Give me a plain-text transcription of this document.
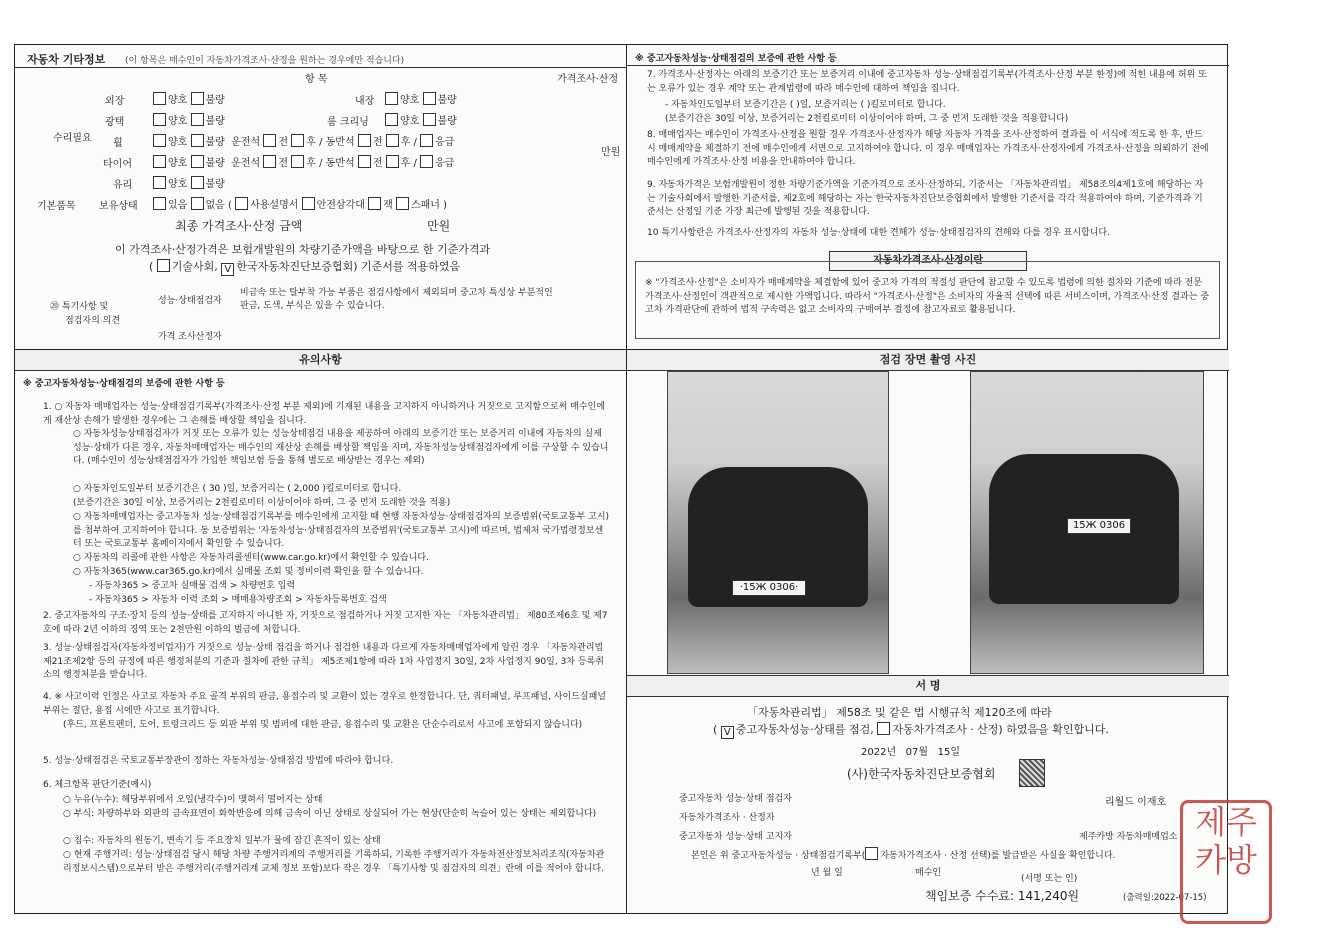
자동차 기타정보 (이 항목은 매수인이 자동차가격조사·산정을 원하는 경우에만 적습니다)
항 목	가격조사·산정
수리필요
외장	양호 불량	내장	양호 불량
광택	양호 불량	룸 크리닝	양호 불량
휠	양호 불량 운전석 전 후 / 동반석 전 후 / 응급
타이어	양호 불량 운전석 전 후 / 동반석 전 후 / 응급
만원
유리	양호 불량
기본품목 보유상태	있음 없음 ( 사용설명서 안전삼각대 잭 스패너 )
최종 가격조사·산정 금액	만원
이 가격조사·산정가격은 보험개발원의 차량기준가액을 바탕으로 한 기준가격과
( 기술사회, V 한국자동차진단보증협회) 기준서를 적용하였음
⑳ 특기사항 및
점검자의 의견
성능·상태점검자
비금속 또는 탈부착 가능 부품은 점검사항에서 제외되며 중고차 특성상 부분적인
판금, 도색, 부식은 있을 수 있습니다.
가격 조사산정자
※ 중고자동차성능·상태점검의 보증에 관한 사항 등
7. 가격조사·산정자는 아래의 보증기간 또는 보증거리 이내에 중고자동차 성능·상태점검기록부(가격조사·산정 부분 한정)에 적힌 내용에 허위 또는 오류가 있는 경우 계약 또는 관계법령에 따라 매수인에 대하여 책임을 집니다.
- 자동차인도일부터 보증기간은 ( )일, 보증거리는 ( )킬로미터로 합니다.
(보증기간은 30일 이상, 보증거리는 2천킬로미터 이상이어야 하며, 그 중 먼저 도래한 것을 적용합니다)
8. 매매업자는 매수인이 가격조사·산정을 원할 경우 가격조사·산정자가 해당 자동차 가격을 조사·산정하여 결과를 이 서식에 적도록 한 후, 반드시 매매계약을 체결하기 전에 매수인에게 서면으로 고지하여야 합니다. 이 경우 매매업자는 가격조사·산정자에게 가격조사·산정을 의뢰하기 전에 매수인에게 가격조사·산정 비용을 안내하여야 합니다.
9. 자동차가격은 보험개발원이 정한 차량기준가액을 기준가격으로 조사·산정하되, 기준서는 「자동차관리법」 제58조의4제1호에 해당하는 자는 기술사회에서 발행한 기준서를, 제2호에 해당하는 자는 한국자동차진단보증협회에서 발행한 기준서를 각각 적용하여야 하며, 기준가격과 기준서는 산정일 기준 가장 최근에 발행된 것을 적용합니다.
10 특기사항란은 가격조사·산정자의 자동차 성능·상태에 대한 견해가 성능·상태점검자의 견해와 다를 경우 표시합니다.
자동차가격조사·산정이란
※ "가격조사·산정"은 소비자가 매매계약을 체결함에 있어 중고차 가격의 적절성 판단에 참고할 수 있도록 법령에 의한 절차와 기준에 따라 전문 가격조사·산정인이 객관적으로 제시한 가액입니다. 따라서 "가격조사·산정"은 소비자의 자율적 선택에 따른 서비스이며, 가격조사·산정 결과는 중고차 가격판단에 관하여 법적 구속력은 없고 소비자의 구매여부 결정에 참고자료로 활용됩니다.
유의사항
※ 중고자동차성능·상태점검의 보증에 관한 사항 등
1. ○ 자동차 매매업자는 성능·상태점검기록부(가격조사·산정 부분 제외)에 기재된 내용을 고지하지 아니하거나 거짓으로 고지함으로써 매수인에게 재산상 손해가 발생한 경우에는 그 손해를 배상할 책임을 집니다.
○ 자동차성능상태점검자가 거짓 또는 오류가 있는 성능상태점검 내용을 제공하여 아래의 보증기간 또는 보증거리 이내에 자동차의 실제 성능·상태가 다른 경우, 자동차매매업자는 매수인의 재산상 손해를 배상할 책임을 지며, 자동차성능상태점검자에게 이를 구상할 수 있습니다. (매수인이 성능상태점검자가 가입한 책임보험 등을 통해 별도로 배상받는 경우는 제외)
○ 자동차인도일부터 보증기간은 ( 30 )일, 보증거리는 ( 2,000 )킬로미터로 합니다.
(보증기간은 30일 이상, 보증거리는 2천킬로미터 이상이어야 하며, 그 중 먼저 도래한 것을 적용)
○ 자동차매매업자는 중고자동차 성능·상태점검기록부를 매수인에게 고지할 때 현행 자동차성능·상태점검자의 보증범위(국토교통부 고시)를 첨부하여 고지하여야 합니다. 동 보증범위는 '자동차성능·상태점검자의 보증범위'(국토교통부 고시)에 따르며, 법제처 국가법령정보센터 또는 국토교통부 홈페이지에서 확인할 수 있습니다.
○ 자동차의 리콜에 관한 사항은 자동차리콜센터(www.car.go.kr)에서 확인할 수 있습니다.
○ 자동차365(www.car365.go.kr)에서 실매물 조회 및 정비이력 확인을 할 수 있습니다.
- 자동차365 > 중고차 실매물 검색 > 차량번호 입력
- 자동차365 > 자동차 이력 조회 > 매매용차량조회 > 자동차등록번호 검색
2. 중고자동차의 구조·장치 등의 성능·상태를 고지하지 아니한 자, 거짓으로 점검하거나 거짓 고지한 자는 「자동차관리법」 제80조제6호 및 제7호에 따라 2년 이하의 징역 또는 2천만원 이하의 벌금에 처합니다.
3. 성능·상태점검자(자동차정비업자)가 거짓으로 성능·상태 점검을 하거나 점검한 내용과 다르게 자동차매매업자에게 알린 경우 「자동차관리법 제21조제2항 등의 규정에 따른 행정처분의 기준과 절차에 관한 규칙」 제5조제1항에 따라 1차 사업정지 30일, 2차 사업정지 90일, 3차 등록취소의 행정처분을 받습니다.
4. ※ 사고이력 인정은 사고로 자동차 주요 골격 부위의 판금, 용접수리 및 교환이 있는 경우로 한정합니다. 단, 쿼터패널, 루프패널, 사이드실패널 부위는 절단, 용접 시에만 사고로 표기합니다.
(후드, 프론트펜더, 도어, 트렁크리드 등 외판 부위 및 범퍼에 대한 판금, 용접수리 및 교환은 단순수리로서 사고에 포함되지 않습니다)
5. 성능·상태점검은 국토교통부장관이 정하는 자동차성능·상태점검 방법에 따라야 합니다.
6. 체크항목 판단기준(예시)
○ 누유(누수): 해당부위에서 오일(냉각수)이 맺혀서 떨어지는 상태
○ 부식: 차량하부와 외판의 금속표면이 화학반응에 의해 금속이 아닌 상태로 상실되어 가는 현상(단순히 녹슬어 있는 상태는 제외합니다)
○ 침수: 자동차의 원동기, 변속기 등 주요장치 일부가 물에 잠긴 흔적이 있는 상태
○ 현재 주행거리: 성능·상태점검 당시 해당 차량 주행거리계의 주행거리를 기록하되, 기록한 주행거리가 자동차전산정보처리조직(자동차관리정보시스템)으로부터 받은 주행거리(주행거리계 교체 정보 포함)보다 작은 경우 「특기사항 및 점검자의 의견」란에 이를 적어야 합니다.
점검 장면 촬영 사진
·15Ж 0306·
15Ж 0306
서 명
「자동차관리법」 제58조 및 같은 법 시행규칙 제120조에 따라
( V 중고자동차성능·상태를 점검, 자동차가격조사 · 산정) 하였음을 확인합니다.
2022년 07월 15일
(사)한국자동차진단보증협회
중고자동차 성능·상태 점검자	리월드 이재호
자동차가격조사 · 산정자
중고자동차 성능·상태 고지자	제주카방 자동차매매업소
본인은 위 중고자동차성능 · 상태점검기록부( 자동차가격조사 · 산정 선택)를 발급받은 사실을 확인합니다.
년 월 일	매수인
(서명 또는 인)
책임보증 수수료: 141,240원	(출력일:2022-07-15)
제주카방
